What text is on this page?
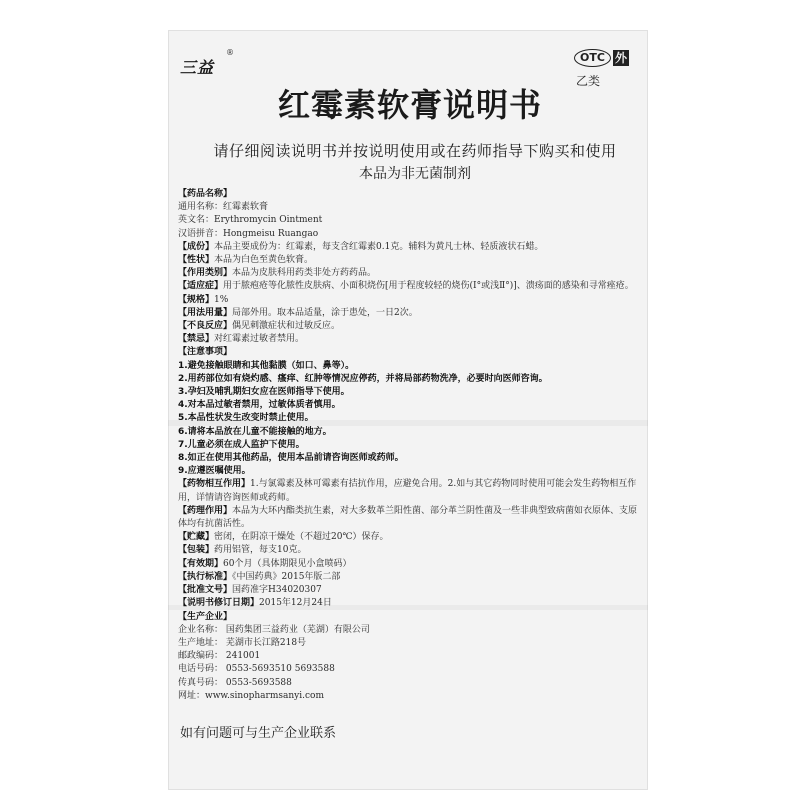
三益
®	OTC 外
乙类
红霉素软膏说明书
请仔细阅读说明书并按说明使用或在药师指导下购买和使用
本品为非无菌制剂
【药品名称】
通用名称：红霉素软膏
英文名：Erythromycin Ointment
汉语拼音：Hongmeisu Ruangao
【成份】本品主要成份为：红霉素，每支含红霉素0.1克。辅料为黄凡士林、轻质液状石蜡。
【性状】本品为白色至黄色软膏。
【作用类别】本品为皮肤科用药类非处方药药品。
【适应症】用于脓疱疮等化脓性皮肤病、小面积烧伤[用于程度较轻的烧伤(Ⅰ°或浅Ⅱ°)]、溃疡面的感染和寻常痤疮。
【规格】1%
【用法用量】局部外用。取本品适量，涂于患处，一日2次。
【不良反应】偶见刺激症状和过敏反应。
【禁忌】对红霉素过敏者禁用。
【注意事项】
1.避免接触眼睛和其他黏膜（如口、鼻等）。
2.用药部位如有烧灼感、瘙痒、红肿等情况应停药，并将局部药物洗净，必要时向医师咨询。
3.孕妇及哺乳期妇女应在医师指导下使用。
4.对本品过敏者禁用，过敏体质者慎用。
5.本品性状发生改变时禁止使用。
6.请将本品放在儿童不能接触的地方。
7.儿童必须在成人监护下使用。
8.如正在使用其他药品，使用本品前请咨询医师或药师。
9.应遵医嘱使用。
【药物相互作用】1.与氯霉素及林可霉素有拮抗作用，应避免合用。2.如与其它药物同时使用可能会发生药物相互作用，详情请咨询医师或药师。
【药理作用】本品为大环内酯类抗生素，对大多数革兰阳性菌、部分革兰阴性菌及一些非典型致病菌如衣原体、支原体均有抗菌活性。
【贮藏】密闭，在阴凉干燥处（不超过20℃）保存。
【包装】药用铝管，每支10克。
【有效期】60个月（具体期限见小盒喷码）
【执行标准】《中国药典》2015年版二部
【批准文号】国药准字H34020307
【说明书修订日期】2015年12月24日
【生产企业】
企业名称： 国药集团三益药业（芜湖）有限公司
生产地址： 芜湖市长江路218号
邮政编码： 241001
电话号码： 0553-5693510 5693588
传真号码： 0553-5693588
网址：www.sinopharmsanyi.com
如有问题可与生产企业联系
